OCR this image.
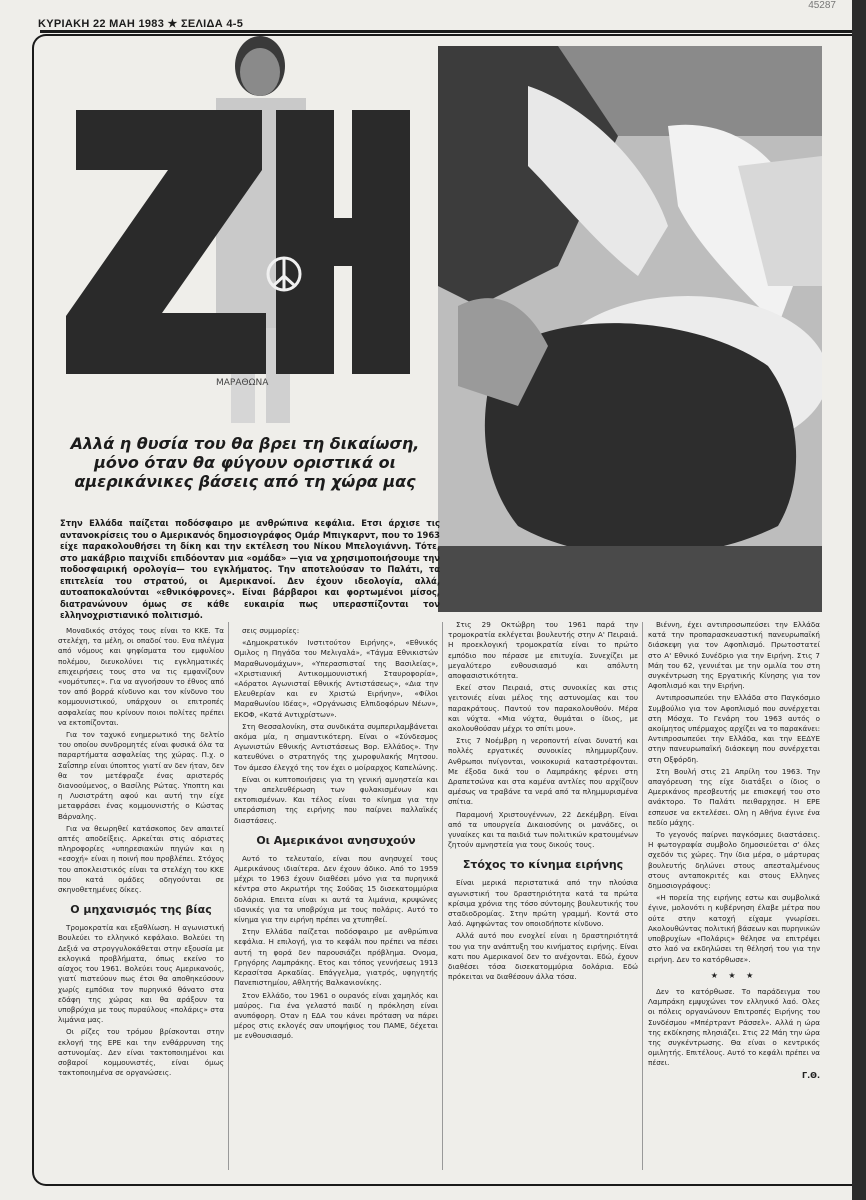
45287
ΚΥΡΙΑΚΗ 22 ΜΑΗ 1983 ★ ΣΕΛΙΔΑ 4-5
ΜΑΡΑΘΩΝΑ
Αλλά η θυσία του θα βρει τη δικαίωση, μόνο όταν θα φύγουν οριστικά οι αμερικάνικες βάσεις από τη χώρα μας
Στην Ελλάδα παίζεται ποδόσφαιρο με ανθρώπινα κεφάλια. Ετσι άρχισε τις αντανοκρίσεις του ο Αμερικανός δημοσιογράφος Ομάρ Μπιγκαρντ, που το 1963 είχε παρακολουθήσει τη δίκη και την εκτέλεση του Νίκου Μπελογιάννη. Τότε, στο μακάβριο παιχνίδι επιδόονταν μια «ομάδα» —για να χρησιμοποιήσουμε την ποδοσφαιρική ορολογία— του εγκλήματος. Την αποτελούσαν το Παλάτι, τα επιτελεία του στρατού, οι Αμερικανοί. Δεν έχουν ιδεολογία, αλλά, αυτοαποκαλούνται «εθνικόφρονες». Είναι βάρβαροι και φορτωμένοι μίσος, διατρανώνουν όμως σε κάθε ευκαιρία πως υπερασπίζονται τον ελληνοχριστιανικό πολιτισμό.

Μοναδικός στόχος τους είναι το ΚΚΕ. Τα στελέχη, τα μέλη, οι οπαδοί του. Ενα πλέγμα από νόμους και ψηφίσματα του εμφυλίου πολέμου, διευκολύνει τις εγκληματικές επιχειρήσεις τους στο να τις εμφανίζουν «νομότυπες». Για να αγνοήσουν το έθνος από τον από βορρά κίνδυνο και τον κίνδυνο του κομμουνιστικού, υπάρχουν οι επιτροπές ασφαλείας που κρίνουν ποιοι πολίτες πρέπει να εκτοπίζονται.

Για τον ταχυκό ενημερωτικό της δελτίο του οποίου συνδρομητές είναι φυσικά όλα τα παραρτήματα ασφαλείας της χώρας. Π.χ. ο Σαΐσπηρ είναι ύποπτος γιατί αν δεν ήταν, δεν θα τον μετέφραζε ένας αριστερός διανοούμενος, ο Βασίλης Ρώτας. Υποπτη και η Λυσιστράτη αφού και αυτή την είχε μεταφράσει ένας κομμουνιστής ο Κώστας Βάρναλης.

Για να θεωρηθεί κατάσκοπος δεν απαιτεί απτές αποδείξεις. Αρκείται στις αόριστες πληροφορίες «υπηρεσιακών πηγών και η «εσοχή» είναι η ποινή που προβλέπει. Στόχος του αποκλειστικός είναι τα στελέχη του ΚΚΕ που κατά ομάδες οδηγούνται σε σκηνοθετημένες δίκες.

Ο μηχανισμός της βίας

Τρομοκρατία και εξαθλίωση. Η αγωνιστική Βουλεύει το ελληνικό κεφάλαιο. Βολεύει τη Δεξιά να στρογγυλοκάθεται στην εξουσία με εκλογικά προβλήματα, όπως εκείνο το αίσχος του 1961. Βολεύει τους Αμερικανούς, γιατί πιστεύουν πως έτσι θα αποθηκεύσουν χωρίς εμπόδια τον πυρηνικό θάνατο στα εδάφη της χώρας και θα αράξουν τα υποβρύχια με τους πυραύλους «πολάρις» στα λιμάνια μας.

Οι ρίζες του τρόμου βρίσκονται στην εκλογή της ΕΡΕ και την ενθάρρυνση της αστυνομίας. Δεν είναι τακτοποιημένοι και σοβαροί κομμουνιστές, είναι όμως τακτοποιημένα σε οργανώσεις.

σεις συμμορίες:

«Δημοκρατικόν Ινστιτούτον Ειρήνης», «Εθνικός Ομιλος η Πηγάδα του Μελιγαλά», «Τάγμα Εθνικιστών Μαραθωνομάχων», «Υπερασπισταί της Βασιλείας», «Χριστιανική Αντικομμουνιστική Σταυροφορία», «Αόρατοι Αγωνισταί Εθνικής Αντιστάσεως», «Δια την Ελευθερίαν και εν Χριστώ Ειρήνην», «Φίλοι Μαραθωνίου Ιδέας», «Οργάνωσις Ελπιδοφόρων Νέων», ΕΚΟΦ, «Κατά Αντιχρίστων».

Στη Θεσσαλονίκη, στα συνδικάτα συμπεριλαμβάνεται ακόμα μία, η σημαντικότερη. Είναι ο «Σύνδεσμος Αγωνιστών Εθνικής Αντιστάσεως Βορ. Ελλάδος». Την κατευθύνει ο στρατηγός της χωροφυλακής Μητσου. Τον άμεσο έλεγχό της τον έχει ο μοίραρχος Καπελώνης.

Είναι οι κυπτοποιήσεις για τη γενική αμνηστεία και την απελευθέρωση των φυλακισμένων και εκτοπισμένων. Και τέλος είναι το κίνημα για την υπεράσπιση της ειρήνης που παίρνει παλλαϊκές διαστάσεις.

Οι Αμερικάνοι ανησυχούν

Αυτό το τελευταίο, είναι που ανησυχεί τους Αμερικάνους ιδιαίτερα. Δεν έχουν άδικο. Από το 1959 μέχρι το 1963 έχουν διαθέσει μόνο για τα πυρηνικά κέντρα στο Ακρωτήρι της Σούδας 15 δισεκατομμύρια δολάρια. Επειτα είναι κι αυτά τα λιμάνια, κρυψώνες ιδανικές για τα υποβρύχια με τους πολάρις. Αυτό το κίνημα για την ειρήνη πρέπει να χτυπηθεί.

Στην Ελλάδα παίζεται ποδόσφαιρο με ανθρώπινα κεφάλια. Η επιλογή, για το κεφάλι που πρέπει να πέσει αυτή τη φορά δεν παρουσιάζει πρόβλημα. Ονομα, Γρηγόρης Λαμπράκης. Ετος και τόπος γεννήσεως 1913 Κερασίτσα Αρκαδίας. Επάγγελμα, γιατρός, υφηγητής Πανεπιστημίου, Αθλητής Βαλκανιονίκης.

Στον Ελλάδο, του 1961 ο ουρανός είναι χαμηλός και μαύρος. Για ένα γελαστό παιδί η πρόκληση είναι ανυπόφορη. Οταν η ΕΔΑ του κάνει πρόταση να πάρει μέρος στις εκλογές σαν υποψήφιος του ΠΑΜΕ, δέχεται με ενθουσιασμό.

Στις 29 Οκτώβρη του 1961 παρά την τρομοκρατία εκλέγεται βουλευτής στην Α' Πειραιά. Η προεκλογική τρομοκρατία είναι το πρώτο εμπόδιο που πέρασε με επιτυχία. Συνεχίζει με μεγαλύτερο ενθουσιασμό και απόλυτη αποφασιστικότητα.

Εκεί στον Πειραιά, στις συνοικίες και στις γειτονιές είναι μέλος της αστυνομίας και του παρακράτους. Παντού τον παρακολουθούν. Μέρα και νύχτα. «Μια νύχτα, θυμάται ο ίδιος, με ακολουθούσαν μέχρι το σπίτι μου».

Στις 7 Νοέμβρη η νεροποντή είναι δυνατή και πολλές εργατικές συνοικίες πλημμυρίζουν. Ανθρωποι πνίγονται, νοικοκυριά καταστρέφονται. Με έξοδα δικά του ο Λαμπράκης φέρνει στη Δραπετσώνα και στα καμένα αντλίες που αρχίζουν αμέσως να τραβάνε τα νερά από τα πλημμυρισμένα σπίτια.

Παραμονή Χριστουγέννων, 22 Δεκέμβρη. Είναι από τα υπουργεία Δικαιοσύνης οι μανάδες, οι γυναίκες και τα παιδιά των πολιτικών κρατουμένων ζητούν αμνηστεία για τους δικούς τους.

Στόχος το κίνημα ειρήνης

Είναι μερικά περιστατικά από την πλούσια αγωνιστική του δραστηριότητα κατά τα πρώτα κρίσιμα χρόνια της τόσο σύντομης βουλευτικής του σταδιοδρομίας. Στην πρώτη γραμμή. Κοντά στο λαό. Αψηφώντας τον οποιοδήποτε κίνδυνο.

Αλλά αυτό που ενοχλεί είναι η δραστηριότητά του για την ανάπτυξη του κινήματος ειρήνης. Είναι κατι που Αμερικανοί δεν το ανέχονται. Εδώ, έχουν διαθέσει τόσα δισεκατομμύρια δολάρια. Εδώ πρόκειται να διαθέσουν άλλα τόσα.

Βιέννη, έχει αντιπροσωπεύσει την Ελλάδα κατά την προπαρασκευαστική πανευρωπαϊκή διάσκεψη για τον Αφοπλισμό. Πρωτοστατεί στο Α' Εθνικό Συνέδριο για την Ειρήνη. Στις 7 Μάη του 62, γεννιέται με την ομιλία του στη συγκέντρωση της Εργατικής Κίνησης για τον Αφοπλισμό και την Ειρήνη.

Αντιπροσωπεύει την Ελλάδα στο Παγκόσμιο Συμβούλιο για τον Αφοπλισμό που συνέρχεται στη Μόσχα. Το Γενάρη του 1963 αυτός ο ακοίμητος υπέρμαχος αρχίζει να το παρακάνει: Αντιπροσωπεύει την Ελλάδα, και την ΕΕΔΥΕ στην πανευρωπαϊκή διάσκεψη που συνέρχεται στη Οξφόρδη.

Στη Βουλή στις 21 Απρίλη του 1963. Την απαγόρευση της είχε διατάξει ο ίδιος ο Αμερικάνος πρεσβευτής με επισκεψή του στο ανάκτορο. Το Παλάτι πειθαρχησε. Η ΕΡΕ εσπευσε να εκτελέσει. Ολη η Αθήνα έγινε ένα πεδίο μάχης.

Το γεγονός παίρνει παγκόσμιες διαστάσεις. Η φωτογραφία συμβολο δημοσιεύεται σ' όλες σχεδόν τις χώρες. Την ίδια μέρα, ο μάρτυρας βουλευτής δηλώνει στους απεσταλμένους στους ανταποκριτές και στους Ελληνες δημοσιογράφους:

«Η πορεία της ειρήνης εστω και συμβολικά έγινε, μολονότι η κυβέρνηση έλαβε μέτρα που ούτε στην κατοχή είχαμε γνωρίσει. Ακολουθώντας πολιτική βάσεων και πυρηνικών υποβρυχίων «Πολάρις» θέλησε να επιτρέψει στο λαό να εκδηλώσει τη θέλησή του για την ειρήνη. Δεν το κατόρθωσε».

★ ★ ★

Δεν το κατόρθωσε. Το παράδειγμα του Λαμπράκη εμψυχώνει τον ελληνικό λαό. Ολες οι πόλεις οργανώνουν Επιτροπές Ειρήνης του Συνδέσμου «Μπέρτραντ Ράσσελ». Αλλά η ώρα της εκδίκησης πλησιάζει. Στις 22 Μάη την ώρα της συγκέντρωσης. Θα είναι ο κεντρικός ομιλητής. Επιτέλους. Αυτό το κεφάλι πρέπει να πέσει.

Γ.Θ.
